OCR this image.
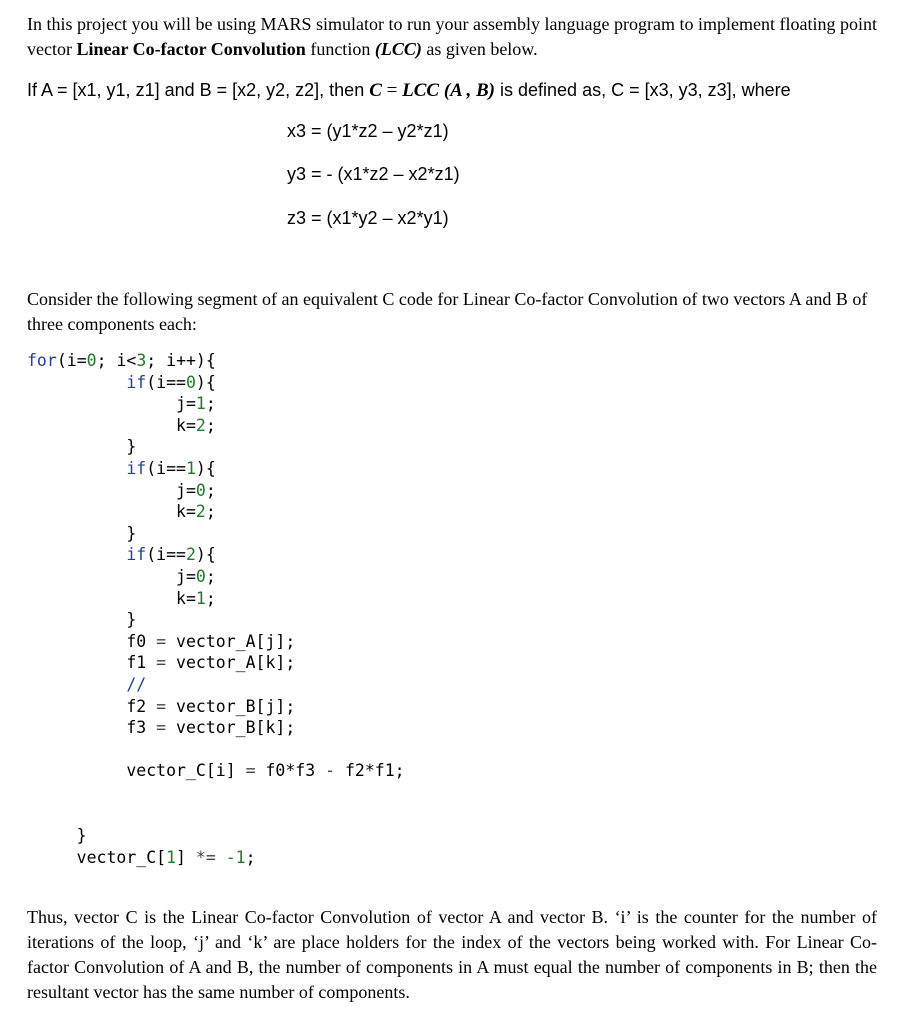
In this project you will be using MARS simulator to run your assembly language program to implement floating point vector Linear Co-factor Convolution function (LCC) as given below.
If A = [x1, y1, z1] and B = [x2, y2, z2], then C = LCC (A , B) is defined as, C = [x3, y3, z3], where
x3 = (y1*z2 – y2*z1)
y3 = - (x1*z2 – x2*z1)
z3 = (x1*y2 – x2*y1)
Consider the following segment of an equivalent C code for Linear Co-factor Convolution of two vectors A and B of three components each:
for(i=0; i<3; i++){
if(i==0){
j=1;
k=2;
}
if(i==1){
j=0;
k=2;
}
if(i==2){
j=0;
k=1;
}
f0 = vector_A[j];
f1 = vector_A[k];
//
f2 = vector_B[j];
f3 = vector_B[k];

vector_C[i] = f0*f3 - f2*f1;

}
vector_C[1] *= -1;
Thus, vector C is the Linear Co-factor Convolution of vector A and vector B. ‘i’ is the counter for the number of iterations of the loop, ‘j’ and ‘k’ are place holders for the index of the vectors being worked with. For Linear Co-factor Convolution of A and B, the number of components in A must equal the number of components in B; then the resultant vector has the same number of components.
